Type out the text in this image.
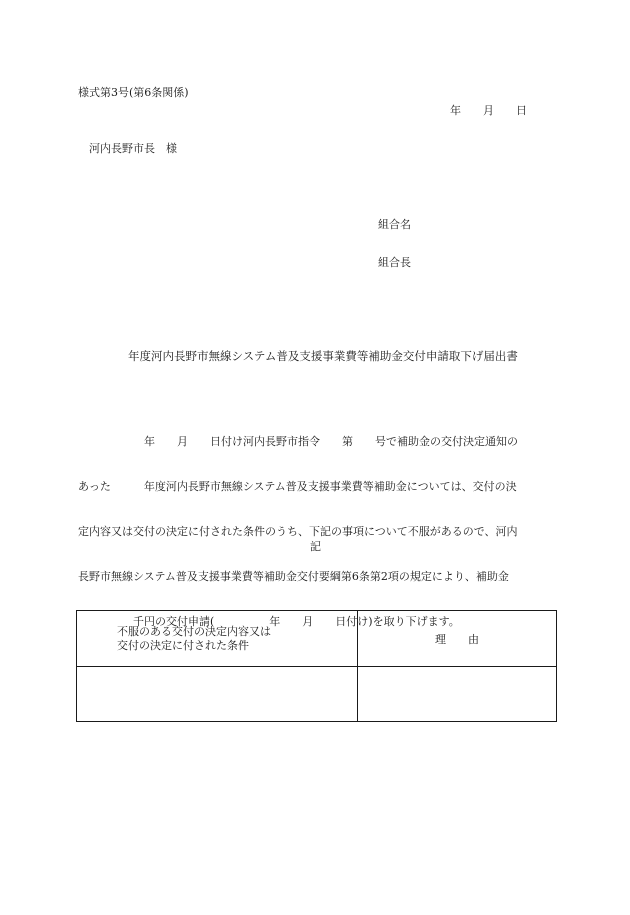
様式第3号(第6条関係)
年　　月　　日
河内長野市長　様
組合名
組合長
年度河内長野市無線システム普及支援事業費等補助金交付申請取下げ届出書

　　　　　　年　　月　　日付け河内長野市指令　　第　　号で補助金の交付決定通知の

あった　　　年度河内長野市無線システム普及支援事業費等補助金については、交付の決

定内容又は交付の決定に付された条件のうち、下記の事項について不服があるので、河内

長野市無線システム普及支援事業費等補助金交付要綱第6条第2項の規定により、補助金

　　　　　千円の交付申請(　　　　　年　　月　　日付け)を取り下げます。

記
不服のある交付の決定内容又は
交付の決定に付された条件	理　　由
